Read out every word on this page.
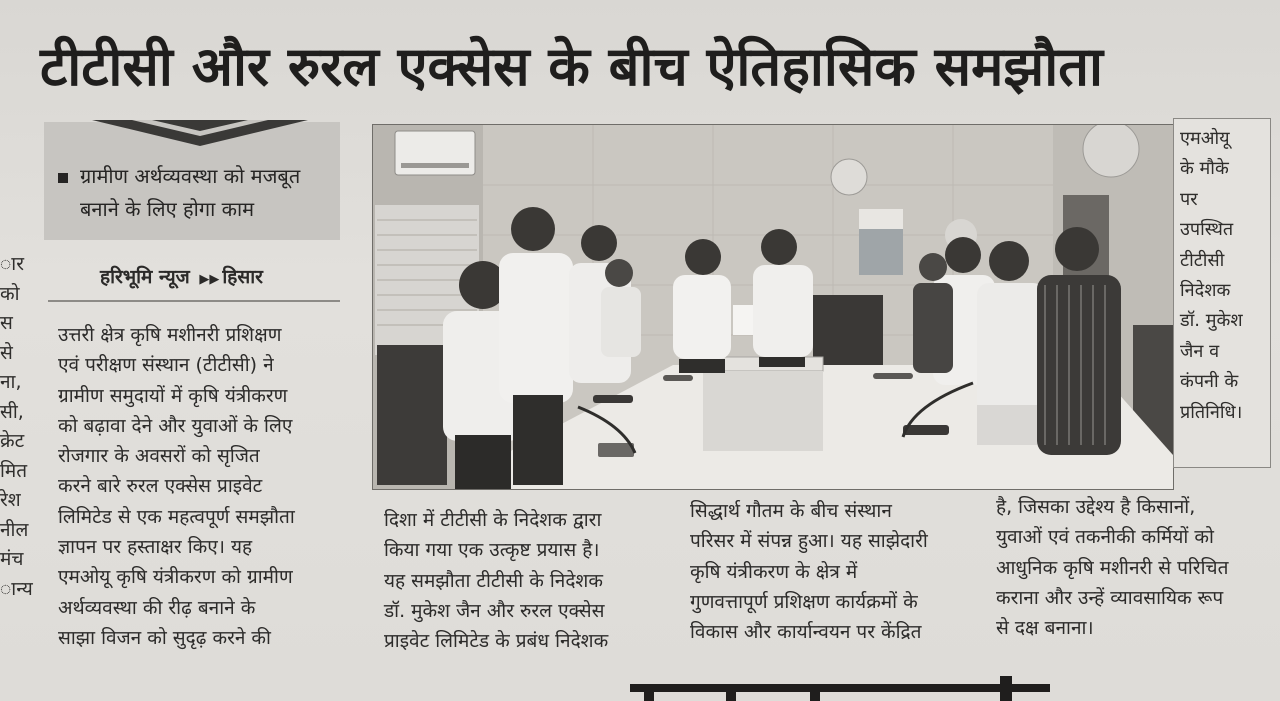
टीटीसी और रुरल एक्सेस के बीच ऐतिहासिक समझौता
ार
को
स
से
ना,
सी,
क्रेट
मित
रेश
नील
मंच
ान्य
ग्रामीण अर्थव्यवस्था को मजबूत
बनाने के लिए होगा काम
हरिभूमि न्यूज ▶▶ हिसार
उत्तरी क्षेत्र कृषि मशीनरी प्रशिक्षण
एवं परीक्षण संस्थान (टीटीसी) ने
ग्रामीण समुदायों में कृषि यंत्रीकरण
को बढ़ावा देने और युवाओं के लिए
रोजगार के अवसरों को सृजित
करने बारे रुरल एक्सेस प्राइवेट
लिमिटेड से एक महत्वपूर्ण समझौता
ज्ञापन पर हस्ताक्षर किए। यह
एमओयू कृषि यंत्रीकरण को ग्रामीण
अर्थव्यवस्था की रीढ़ बनाने के
साझा विजन को सुदृढ़ करने की
दिशा में टीटीसी के निदेशक द्वारा
किया गया एक उत्कृष्ट प्रयास है।
यह समझौता टीटीसी के निदेशक
डॉ. मुकेश जैन और रुरल एक्सेस
प्राइवेट लिमिटेड के प्रबंध निदेशक
सिद्धार्थ गौतम के बीच संस्थान
परिसर में संपन्न हुआ। यह साझेदारी
कृषि यंत्रीकरण के क्षेत्र में
गुणवत्तापूर्ण प्रशिक्षण कार्यक्रमों के
विकास और कार्यान्वयन पर केंद्रित
है, जिसका उद्देश्य है किसानों,
युवाओं एवं तकनीकी कर्मियों को
आधुनिक कृषि मशीनरी से परिचित
कराना और उन्हें व्यावसायिक रूप
से दक्ष बनाना।
एमओयू
के मौके
पर
उपस्थित
टीटीसी
निदेशक
डॉ. मुकेश
जैन व
कंपनी के
प्रतिनिधि।
